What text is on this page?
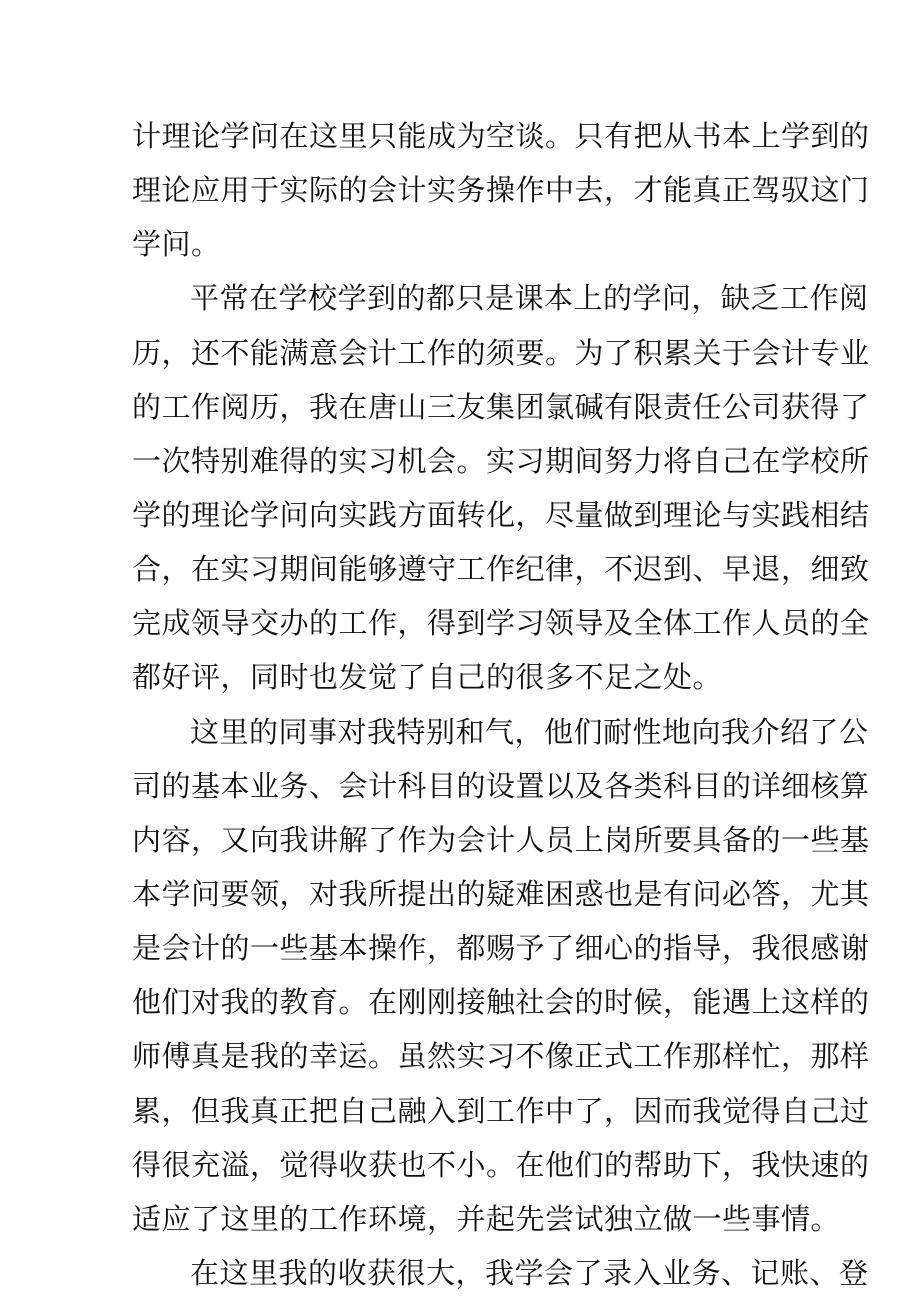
计理论学问在这里只能成为空谈。只有把从书本上学到的
理论应用于实际的会计实务操作中去，才能真正驾驭这门
学问。
平常在学校学到的都只是课本上的学问，缺乏工作阅
历，还不能满意会计工作的须要。为了积累关于会计专业
的工作阅历，我在唐山三友集团氯碱有限责任公司获得了
一次特别难得的实习机会。实习期间努力将自己在学校所
学的理论学问向实践方面转化，尽量做到理论与实践相结
合，在实习期间能够遵守工作纪律，不迟到、早退，细致
完成领导交办的工作，得到学习领导及全体工作人员的全
都好评，同时也发觉了自己的很多不足之处。
这里的同事对我特别和气，他们耐性地向我介绍了公
司的基本业务、会计科目的设置以及各类科目的详细核算
内容，又向我讲解了作为会计人员上岗所要具备的一些基
本学问要领，对我所提出的疑难困惑也是有问必答，尤其
是会计的一些基本操作，都赐予了细心的指导，我很感谢
他们对我的教育。在刚刚接触社会的时候，能遇上这样的
师傅真是我的幸运。虽然实习不像正式工作那样忙，那样
累，但我真正把自己融入到工作中了，因而我觉得自己过
得很充溢，觉得收获也不小。在他们的帮助下，我快速的
适应了这里的工作环境，并起先尝试独立做一些事情。
在这里我的收获很大，我学会了录入业务、记账、登
